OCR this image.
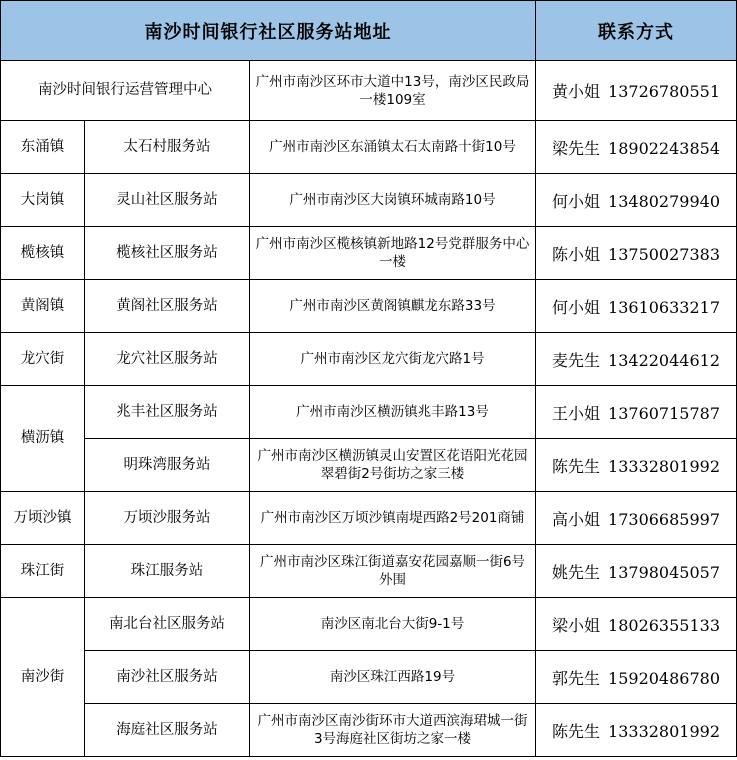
南沙时间银行社区服务站地址			联系方式
南沙时间银行运营管理中心		广州市南沙区环市大道中13号，南沙区民政局一楼109室	黄小姐 13726780551
东涌镇	太石村服务站	广州市南沙区东涌镇太石太南路十街10号	梁先生 18902243854
大岗镇	灵山社区服务站	广州市南沙区大岗镇环城南路10号	何小姐 13480279940
榄核镇	榄核社区服务站	广州市南沙区榄核镇新地路12号党群服务中心一楼	陈小姐 13750027383
黄阁镇	黄阁社区服务站	广州市南沙区黄阁镇麒龙东路33号	何小姐 13610633217
龙穴街	龙穴社区服务站	广州市南沙区龙穴街龙穴路1号	麦先生 13422044612
横沥镇	兆丰社区服务站	广州市南沙区横沥镇兆丰路13号	王小姐 13760715787
	明珠湾服务站	广州市南沙区横沥镇灵山安置区花语阳光花园翠碧街2号街坊之家三楼	陈先生 13332801992
万顷沙镇	万顷沙服务站	广州市南沙区万顷沙镇南堤西路2号201商铺	高小姐 17306685997
珠江街	珠江服务站	广州市南沙区珠江街道嘉安花园嘉顺一街6号外围	姚先生 13798045057
南沙街	南北台社区服务站	南沙区南北台大街9-1号	梁小姐 18026355133
	南沙社区服务站	南沙区珠江西路19号	郭先生 15920486780
	海庭社区服务站	广州市南沙区南沙街环市大道西滨海珺城一街3号海庭社区街坊之家一楼	陈先生 13332801992
